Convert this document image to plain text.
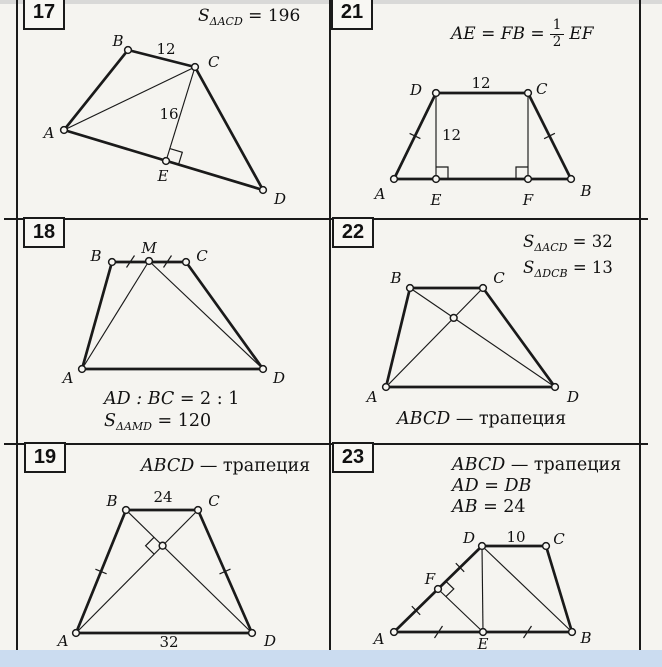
17	21
18	22
19	23
$S_{\Delta ACD} = 196$
B
C
A
E
D
12
16
AE = FB = $\frac{1}{2}$ EF
D	C
A	E	F	B
12
12
B	M	C
A	D
AD : BC = 2 : 1
$S_{\Delta AMD} = 120$
$S_{\Delta ACD} = 32$
$S_{\Delta DCB} = 13$
B	C
A	D
ABCD — трапеция
ABCD — трапеция
B	C
A	D
24
32
ABCD — трапеция
AD = DB
AB = 24
D	C
F
A	E	B
10
